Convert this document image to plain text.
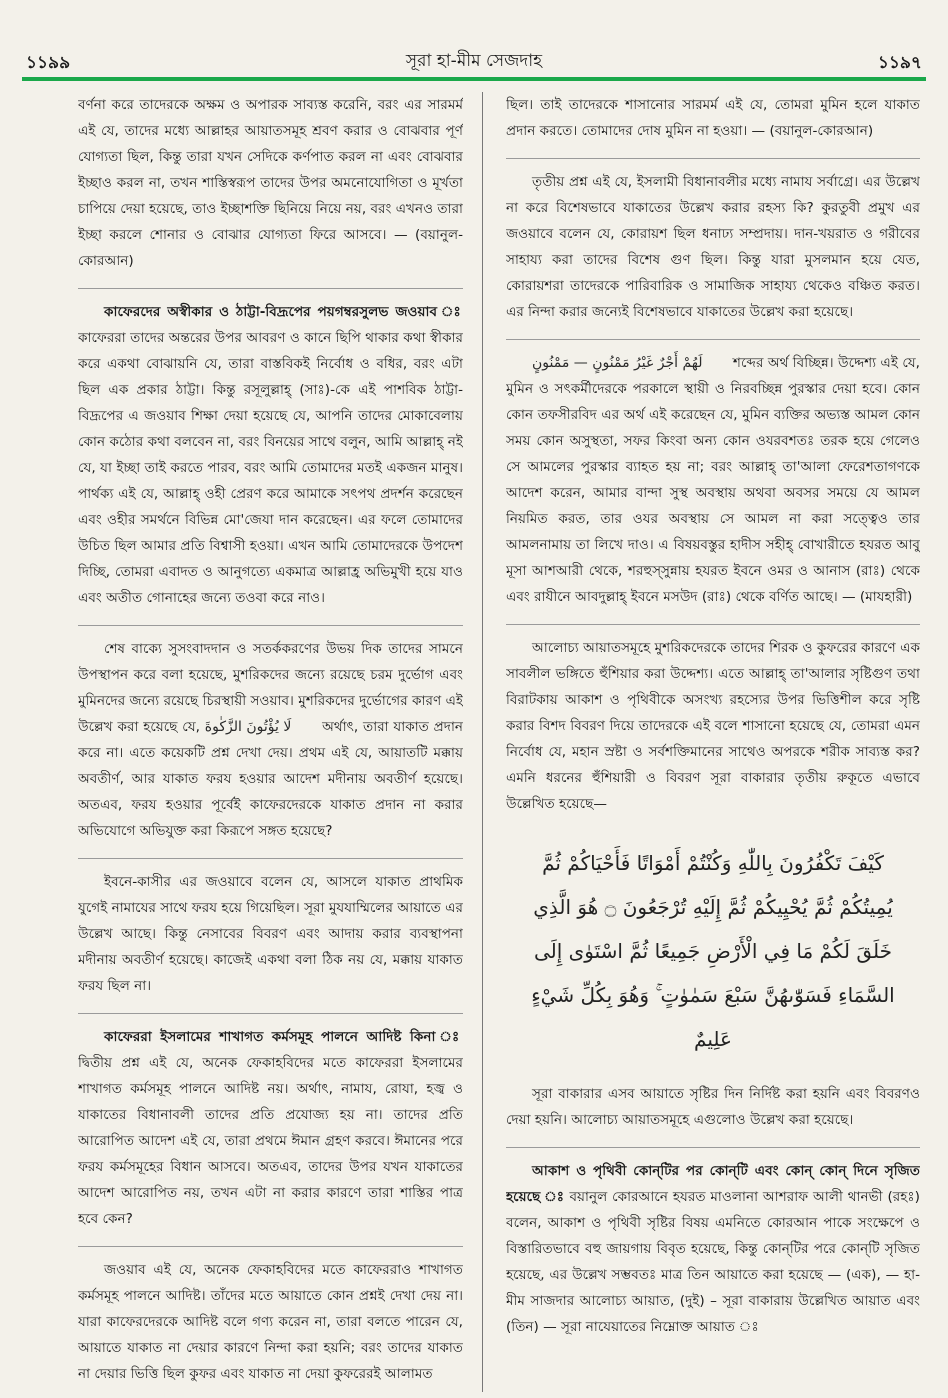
১১৯৯	সূরা হা-মীম সেজদাহ	১১৯৭

বর্ণনা করে তাদেরকে অক্ষম ও অপারক সাব্যস্ত করেনি, বরং এর সারমর্ম এই যে, তাদের মধ্যে আল্লাহর আয়াতসমূহ শ্রবণ করার ও বোঝবার পূর্ণ যোগ্যতা ছিল, কিন্তু তারা যখন সেদিকে কর্ণপাত করল না এবং বোঝবার ইচ্ছাও করল না, তখন শাস্তিস্বরূপ তাদের উপর অমনোযোগিতা ও মূর্খতা চাপিয়ে দেয়া হয়েছে, তাও ইচ্ছাশক্তি ছিনিয়ে নিয়ে নয়, বরং এখনও তারা ইচ্ছা করলে শোনার ও বোঝার যোগ্যতা ফিরে আসবে। — (বয়ানুল-কোরআন)

কাফেরদের অস্বীকার ও ঠাট্টা-বিদ্রূপের পয়গম্বরসুলভ জওয়াব ঃ কাফেররা তাদের অন্তরের উপর আবরণ ও কানে ছিপি থাকার কথা স্বীকার করে একথা বোঝায়নি যে, তারা বাস্তবিকই নির্বোধ ও বধির, বরং এটা ছিল এক প্রকার ঠাট্টা। কিন্তু রসূলুল্লাহ্ (সাঃ)-কে এই পাশবিক ঠাট্টা-বিদ্রূপের এ জওয়াব শিক্ষা দেয়া হয়েছে যে, আপনি তাদের মোকাবেলায় কোন কঠোর কথা বলবেন না, বরং বিনয়ের সাথে বলুন, আমি আল্লাহ্ নই যে, যা ইচ্ছা তাই করতে পারব, বরং আমি তোমাদের মতই একজন মানুষ। পার্থক্য এই যে, আল্লাহ্ ওহী প্রেরণ করে আমাকে সৎপথ প্রদর্শন করেছেন এবং ওহীর সমর্থনে বিভিন্ন মো'জেযা দান করেছেন। এর ফলে তোমাদের উচিত ছিল আমার প্রতি বিশ্বাসী হওয়া। এখন আমি তোমাদেরকে উপদেশ দিচ্ছি, তোমরা এবাদত ও আনুগত্যে একমাত্র আল্লাহ্র অভিমুখী হয়ে যাও এবং অতীত গোনাহের জন্যে তওবা করে নাও।

শেষ বাক্যে সুসংবাদদান ও সতর্ককরণের উভয় দিক তাদের সামনে উপস্থাপন করে বলা হয়েছে, মুশরিকদের জন্যে রয়েছে চরম দুর্ভোগ এবং মুমিনদের জন্যে রয়েছে চিরস্থায়ী সওয়াব। মুশরিকদের দুর্ভোগের কারণ এই উল্লেখ করা হয়েছে যে, لَا يُؤْتُونَ الزَّكٰوةَ অর্থাৎ, তারা যাকাত প্রদান করে না। এতে কয়েকটি প্রশ্ন দেখা দেয়। প্রথম এই যে, আয়াতটি মক্কায় অবতীর্ণ, আর যাকাত ফরয হওয়ার আদেশ মদীনায় অবতীর্ণ হয়েছে। অতএব, ফরয হওয়ার পূর্বেই কাফেরদেরকে যাকাত প্রদান না করার অভিযোগে অভিযুক্ত করা কিরূপে সঙ্গত হয়েছে?

ইবনে-কাসীর এর জওয়াবে বলেন যে, আসলে যাকাত প্রাথমিক যুগেই নামাযের সাথে ফরয হয়ে গিয়েছিল। সূরা মুযযাম্মিলের আয়াতে এর উল্লেখ আছে। কিন্তু নেসাবের বিবরণ এবং আদায় করার ব্যবস্থাপনা মদীনায় অবতীর্ণ হয়েছে। কাজেই একথা বলা ঠিক নয় যে, মক্কায় যাকাত ফরয ছিল না।

কাফেররা ইসলামের শাখাগত কর্মসমূহ পালনে আদিষ্ট কিনা ঃ দ্বিতীয় প্রশ্ন এই যে, অনেক ফেকাহবিদের মতে কাফেররা ইসলামের শাখাগত কর্মসমূহ পালনে আদিষ্ট নয়। অর্থাৎ, নামায, রোযা, হজ্ব ও যাকাতের বিধানাবলী তাদের প্রতি প্রযোজ্য হয় না। তাদের প্রতি আরোপিত আদেশ এই যে, তারা প্রথমে ঈমান গ্রহণ করবে। ঈমানের পরে ফরয কর্মসমূহের বিধান আসবে। অতএব, তাদের উপর যখন যাকাতের আদেশ আরোপিত নয়, তখন এটা না করার কারণে তারা শাস্তির পাত্র হবে কেন?

জওয়াব এই যে, অনেক ফেকাহবিদের মতে কাফেররাও শাখাগত কর্মসমূহ পালনে আদিষ্ট। তাঁদের মতে আয়াতে কোন প্রশ্নই দেখা দেয় না। যারা কাফেরদেরকে আদিষ্ট বলে গণ্য করেন না, তারা বলতে পারেন যে, আয়াতে যাকাত না দেয়ার কারণে নিন্দা করা হয়নি; বরং তাদের যাকাত না দেয়ার ভিত্তি ছিল কুফর এবং যাকাত না দেয়া কুফরেরই আলামত

ছিল। তাই তাদেরকে শাসানোর সারমর্ম এই যে, তোমরা মুমিন হলে যাকাত প্রদান করতে। তোমাদের দোষ মুমিন না হওয়া। — (বয়ানুল-কোরআন)

তৃতীয় প্রশ্ন এই যে, ইসলামী বিধানাবলীর মধ্যে নামায সর্বাগ্রে। এর উল্লেখ না করে বিশেষভাবে যাকাতের উল্লেখ করার রহস্য কি? কুরতুবী প্রমুখ এর জওয়াবে বলেন যে, কোরায়শ ছিল ধনাঢ্য সম্প্রদায়। দান-খয়রাত ও গরীবের সাহায্য করা তাদের বিশেষ গুণ ছিল। কিন্তু যারা মুসলমান হয়ে যেত, কোরায়শরা তাদেরকে পারিবারিক ও সামাজিক সাহায্য থেকেও বঞ্চিত করত। এর নিন্দা করার জন্যেই বিশেষভাবে যাকাতের উল্লেখ করা হয়েছে।

لَهُمْ أَجْرٌ غَيْرُ مَمْنُونٍ — مَمْنُونٍ শব্দের অর্থ বিচ্ছিন্ন। উদ্দেশ্য এই যে, মুমিন ও সৎকর্মীদেরকে পরকালে স্থায়ী ও নিরবচ্ছিন্ন পুরস্কার দেয়া হবে। কোন কোন তফসীরবিদ এর অর্থ এই করেছেন যে, মুমিন ব্যক্তির অভ্যস্ত আমল কোন সময় কোন অসুস্থতা, সফর কিংবা অন্য কোন ওযরবশতঃ তরক হয়ে গেলেও সে আমলের পুরস্কার ব্যাহত হয় না; বরং আল্লাহ্ তা'আলা ফেরেশতাগণকে আদেশ করেন, আমার বান্দা সুস্থ অবস্থায় অথবা অবসর সময়ে যে আমল নিয়মিত করত, তার ওযর অবস্থায় সে আমল না করা সত্ত্বেও তার আমলনামায় তা লিখে দাও। এ বিষয়বস্তুর হাদীস সহীহ্ বোখারীতে হযরত আবু মূসা আশআরী থেকে, শরহুস্সুন্নায় হযরত ইবনে ওমর ও আনাস (রাঃ) থেকে এবং রাযীনে আবদুল্লাহ্ ইবনে মসউদ (রাঃ) থেকে বর্ণিত আছে। — (মাযহারী)

আলোচ্য আয়াতসমূহে মুশরিকদেরকে তাদের শিরক ও কুফরের কারণে এক সাবলীল ভঙ্গিতে হুঁশিয়ার করা উদ্দেশ্য। এতে আল্লাহ্ তা'আলার সৃষ্টিগুণ তথা বিরাটকায় আকাশ ও পৃথিবীকে অসংখ্য রহস্যের উপর ভিত্তিশীল করে সৃষ্টি করার বিশদ বিবরণ দিয়ে তাদেরকে এই বলে শাসানো হয়েছে যে, তোমরা এমন নির্বোধ যে, মহান স্রষ্টা ও সর্বশক্তিমানের সাথেও অপরকে শরীক সাব্যস্ত কর? এমনি ধরনের হুঁশিয়ারী ও বিবরণ সূরা বাকারার তৃতীয় রুকূতে এভাবে উল্লেখিত হয়েছে—

كَيْفَ تَكْفُرُونَ بِاللّٰهِ وَكُنْتُمْ أَمْوَاتًا فَأَحْيَاكُمْ ثُمَّ يُمِيتُكُمْ ثُمَّ يُحْيِيكُمْ ثُمَّ إِلَيْهِ تُرْجَعُونَ ۝ هُوَ الَّذِي خَلَقَ لَكُمْ مَا فِي الْأَرْضِ جَمِيعًا ثُمَّ اسْتَوٰى إِلَى السَّمَاءِ فَسَوّٰىهُنَّ سَبْعَ سَمٰوٰتٍ ۚ وَهُوَ بِكُلِّ شَيْءٍ عَلِيمٌ

সূরা বাকারার এসব আয়াতে সৃষ্টির দিন নির্দিষ্ট করা হয়নি এবং বিবরণও দেয়া হয়নি। আলোচ্য আয়াতসমূহে এগুলোও উল্লেখ করা হয়েছে।

আকাশ ও পৃথিবী কোন্‌টির পর কোন্‌টি এবং কোন্ কোন্ দিনে সৃজিত হয়েছে ঃ বয়ানুল কোরআনে হযরত মাওলানা আশরাফ আলী থানভী (রহঃ) বলেন, আকাশ ও পৃথিবী সৃষ্টির বিষয় এমনিতে কোরআন পাকে সংক্ষেপে ও বিস্তারিতভাবে বহু জায়গায় বিবৃত হয়েছে, কিন্তু কোন্‌টির পরে কোন্‌টি সৃজিত হয়েছে, এর উল্লেখ সম্ভবতঃ মাত্র তিন আয়াতে করা হয়েছে — (এক), — হা-মীম সাজদার আলোচ্য আয়াত, (দুই) – সূরা বাকারায় উল্লেখিত আয়াত এবং (তিন) — সূরা নাযেয়াতের নিম্নোক্ত আয়াত ঃ
